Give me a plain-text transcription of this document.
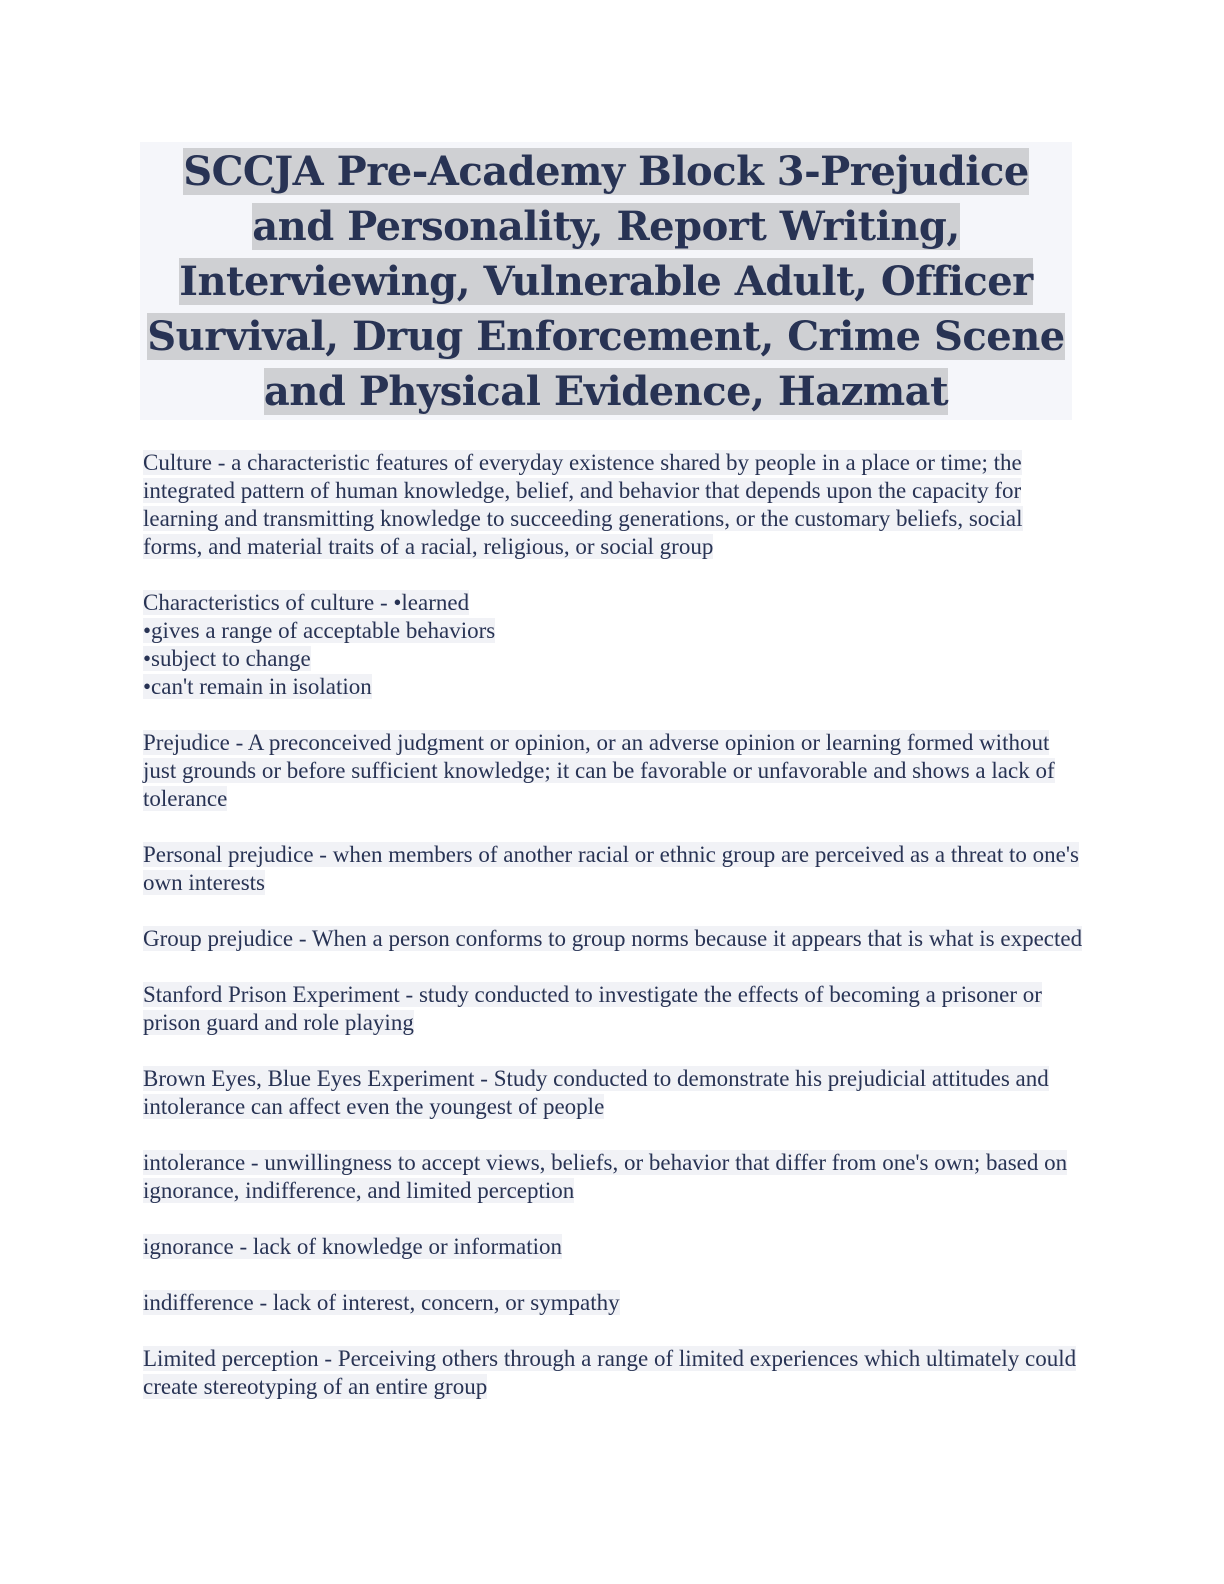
SCCJA Pre-Academy Block 3-Prejudice and Personality, Report Writing, Interviewing, Vulnerable Adult, Officer Survival, Drug Enforcement, Crime Scene and Physical Evidence, Hazmat

Culture - a characteristic features of everyday existence shared by people in a place or time; the integrated pattern of human knowledge, belief, and behavior that depends upon the capacity for learning and transmitting knowledge to succeeding generations, or the customary beliefs, social forms, and material traits of a racial, religious, or social group

Characteristics of culture - •learned
•gives a range of acceptable behaviors
•subject to change
•can't remain in isolation

Prejudice - A preconceived judgment or opinion, or an adverse opinion or learning formed without just grounds or before sufficient knowledge; it can be favorable or unfavorable and shows a lack of tolerance

Personal prejudice - when members of another racial or ethnic group are perceived as a threat to one's own interests

Group prejudice - When a person conforms to group norms because it appears that is what is expected

Stanford Prison Experiment - study conducted to investigate the effects of becoming a prisoner or prison guard and role playing

Brown Eyes, Blue Eyes Experiment - Study conducted to demonstrate his prejudicial attitudes and intolerance can affect even the youngest of people

intolerance - unwillingness to accept views, beliefs, or behavior that differ from one's own; based on ignorance, indifference, and limited perception

ignorance - lack of knowledge or information

indifference - lack of interest, concern, or sympathy

Limited perception - Perceiving others through a range of limited experiences which ultimately could create stereotyping of an entire group
